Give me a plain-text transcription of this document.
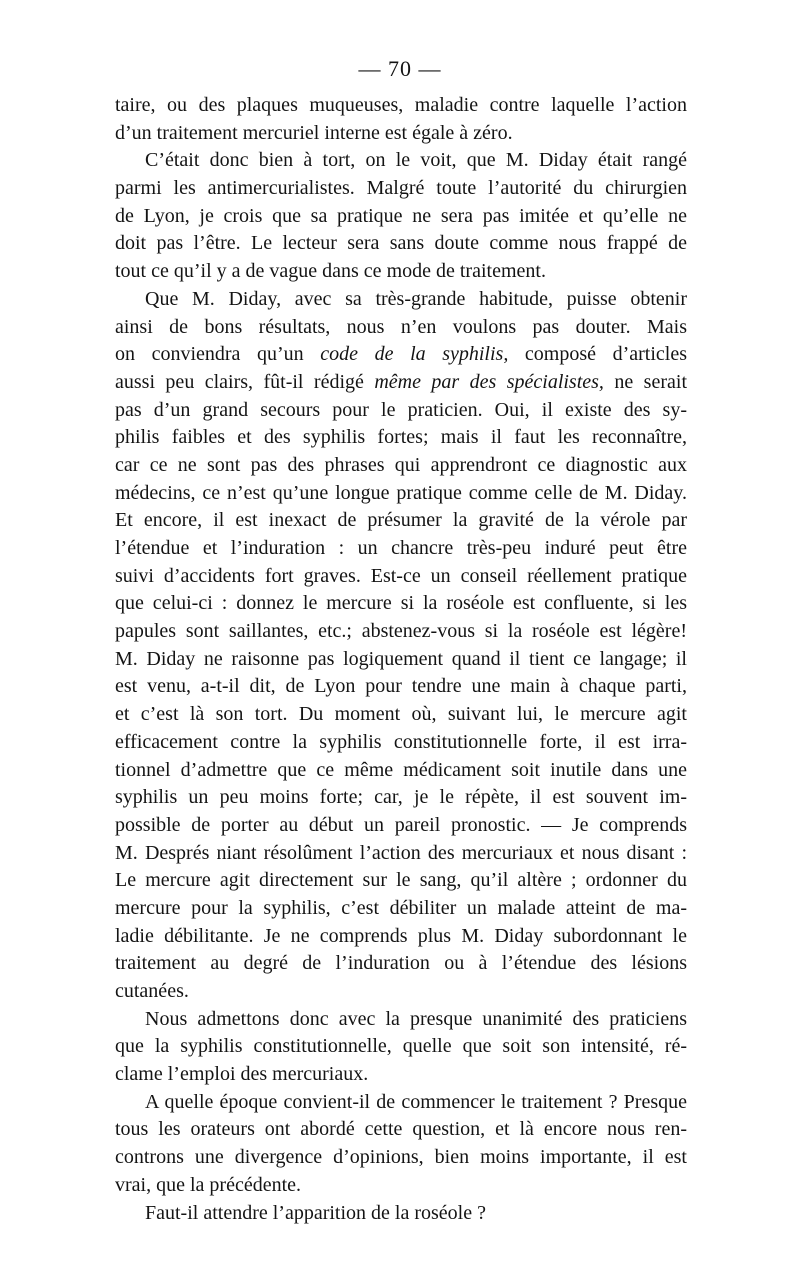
— 70 —
taire, ou des plaques muqueuses, maladie contre laquelle l’action
d’un traitement mercuriel interne est égale à zéro.
C’était donc bien à tort, on le voit, que M. Diday était rangé
parmi les antimercurialistes. Malgré toute l’autorité du chirurgien
de Lyon, je crois que sa pratique ne sera pas imitée et qu’elle ne
doit pas l’être. Le lecteur sera sans doute comme nous frappé de
tout ce qu’il y a de vague dans ce mode de traitement.
Que M. Diday, avec sa très-grande habitude, puisse obtenir
ainsi de bons résultats, nous n’en voulons pas douter. Mais
on conviendra qu’un code de la syphilis, composé d’articles
aussi peu clairs, fût-il rédigé même par des spécialistes, ne serait
pas d’un grand secours pour le praticien. Oui, il existe des sy-
philis faibles et des syphilis fortes; mais il faut les reconnaître,
car ce ne sont pas des phrases qui apprendront ce diagnostic aux
médecins, ce n’est qu’une longue pratique comme celle de M. Diday.
Et encore, il est inexact de présumer la gravité de la vérole par
l’étendue et l’induration : un chancre très-peu induré peut être
suivi d’accidents fort graves. Est-ce un conseil réellement pratique
que celui-ci : donnez le mercure si la roséole est confluente, si les
papules sont saillantes, etc.; abstenez-vous si la roséole est légère!
M. Diday ne raisonne pas logiquement quand il tient ce langage; il
est venu, a-t-il dit, de Lyon pour tendre une main à chaque parti,
et c’est là son tort. Du moment où, suivant lui, le mercure agit
efficacement contre la syphilis constitutionnelle forte, il est irra-
tionnel d’admettre que ce même médicament soit inutile dans une
syphilis un peu moins forte; car, je le répète, il est souvent im-
possible de porter au début un pareil pronostic. — Je comprends
M. Després niant résolûment l’action des mercuriaux et nous disant :
Le mercure agit directement sur le sang, qu’il altère ; ordonner du
mercure pour la syphilis, c’est débiliter un malade atteint de ma-
ladie débilitante. Je ne comprends plus M. Diday subordonnant le
traitement au degré de l’induration ou à l’étendue des lésions
cutanées.
Nous admettons donc avec la presque unanimité des praticiens
que la syphilis constitutionnelle, quelle que soit son intensité, ré-
clame l’emploi des mercuriaux.
A quelle époque convient-il de commencer le traitement ? Presque
tous les orateurs ont abordé cette question, et là encore nous ren-
controns une divergence d’opinions, bien moins importante, il est
vrai, que la précédente.
Faut-il attendre l’apparition de la roséole ?
